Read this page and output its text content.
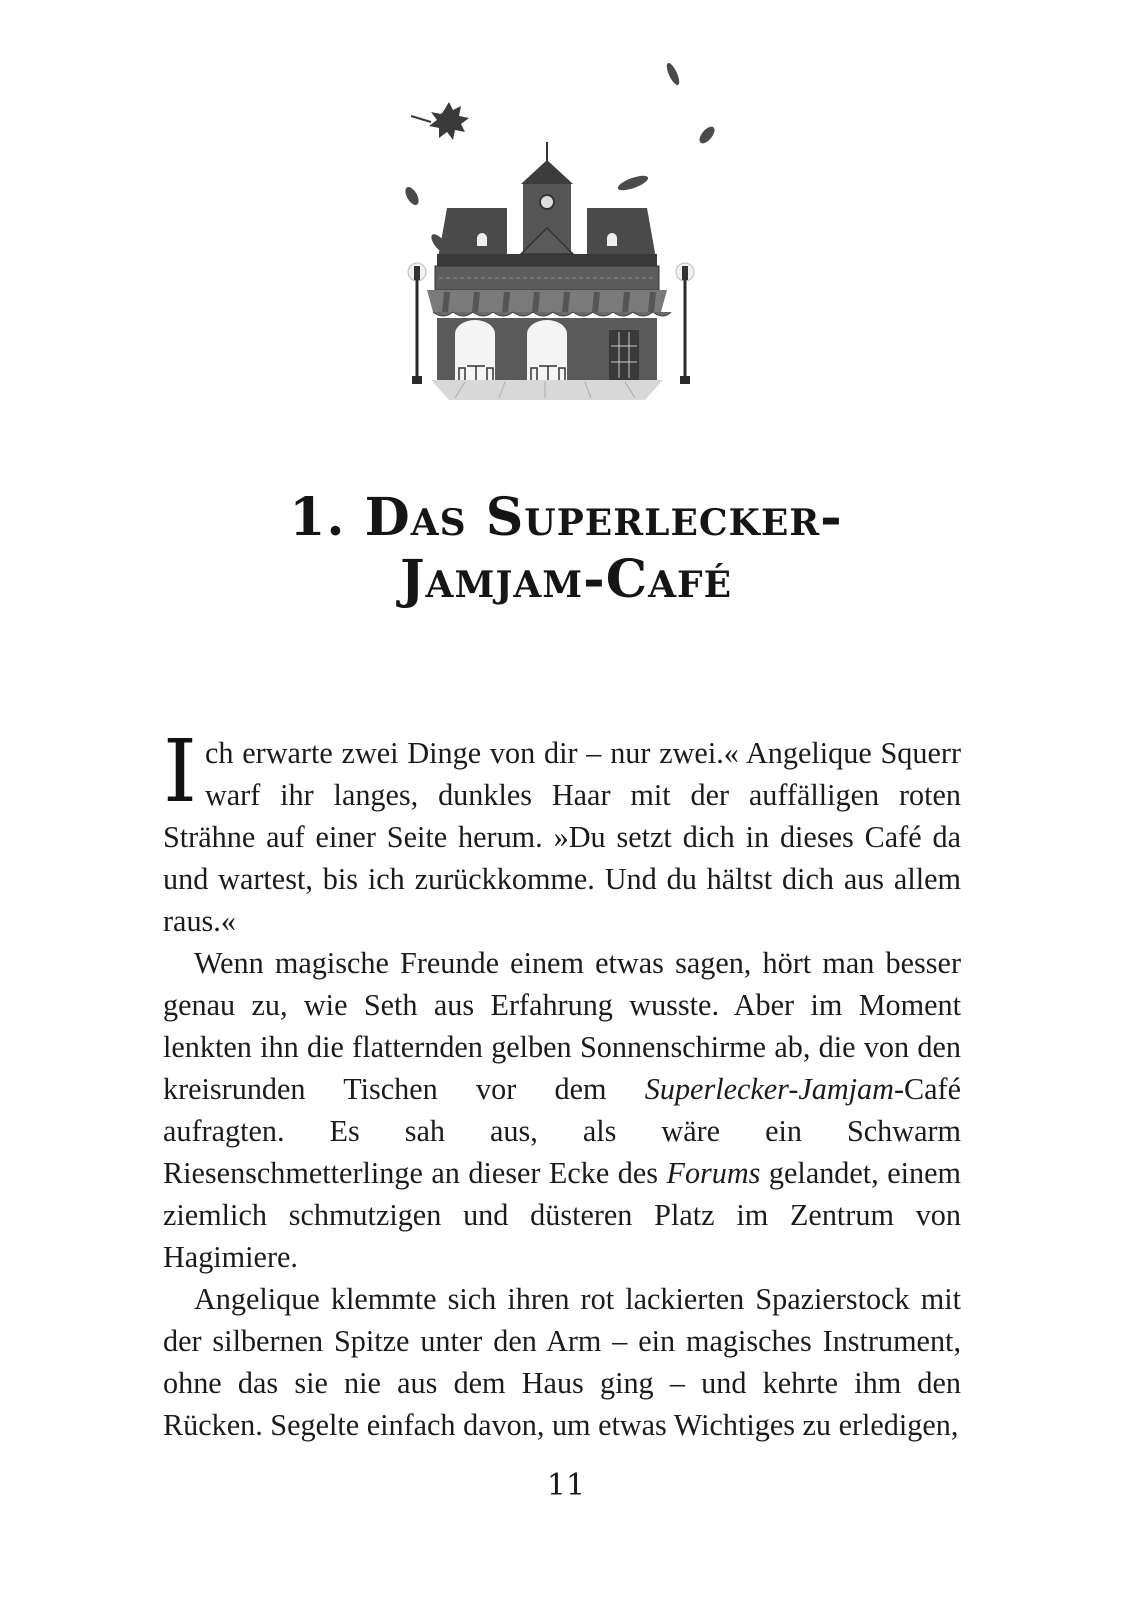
1. Das Superlecker-
Jamjam-Café

Ich erwarte zwei Dinge von dir – nur zwei.« Angelique Squerr warf ihr langes, dunkles Haar mit der auffälligen roten Strähne auf einer Seite herum. »Du setzt dich in dieses Café da und wartest, bis ich zurückkomme. Und du hältst dich aus allem raus.«

Wenn magische Freunde einem etwas sagen, hört man besser genau zu, wie Seth aus Erfahrung wusste. Aber im Moment lenkten ihn die flatternden gelben Sonnenschirme ab, die von den kreisrunden Tischen vor dem Superlecker-Jamjam-Café aufragten. Es sah aus, als wäre ein Schwarm Riesenschmetterlinge an dieser Ecke des Forums gelandet, einem ziemlich schmutzigen und düsteren Platz im Zentrum von Hagimiere.

Angelique klemmte sich ihren rot lackierten Spazierstock mit der silbernen Spitze unter den Arm – ein magisches Instrument, ohne das sie nie aus dem Haus ging – und kehrte ihm den Rücken. Segelte einfach davon, um etwas Wichtiges zu erledigen,

11
